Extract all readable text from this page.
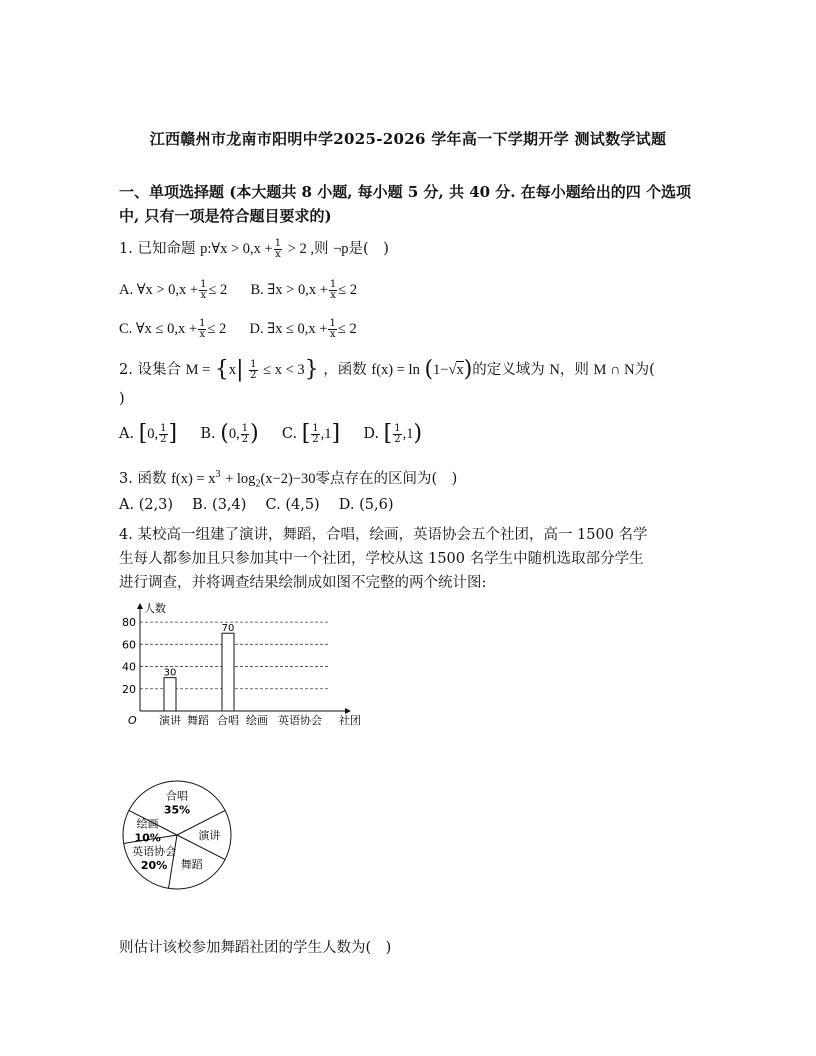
江西赣州市龙南市阳明中学2025-2026 学年高一下学期开学 测试数学试题
一、单项选择题 (本大题共 8 小题, 每小题 5 分, 共 40 分. 在每小题给出的四 个选项
中, 只有一项是符合题目要求的)
1. 已知命题 p:∀x > $0,x + \frac{1}{x} > 2$ ,则 ¬p是(　)
A. ∀x > $0,x + \frac{1}{x} \le 2$ B. ∃x > $0,x + \frac{1}{x} \le 2$
C. ∀x ≤ $0,x + \frac{1}{x} \le 2$ D. ∃x ≤ $0,x + \frac{1}{x} \le 2$
2. 设集合 $M = \{x| \frac{1}{2} \le x < 3\}$ ，函数 f(x) = ln (1−√x)的定义域为 N，则 M ∩ N为(
)
A. [0, $\frac{1}{2}$ ] B. (0, $\frac{1}{2}$ ) C. [ $\frac{1}{2} ,1$] D. [ $\frac{1}{2} ,1$)
3. 函数 $f(x) = x^3 + \log_2(x-2)-30$零点存在的区间为(　)
A. (2,3)　 B. (3,4)　 C. (4,5)　 D. (5,6)
4. 某校高一组建了演讲，舞蹈，合唱，绘画，英语协会五个社团，高一 1500 名学
生每人都参加且只参加其中一个社团，学校从这 1500 名学生中随机选取部分学生
进行调查，并将调查结果绘制成如图不完整的两个统计图:
人数
O	社团
20
40
60
80
30
演讲 舞蹈
70
合唱 绘画 英语协会
合唱
35%
演讲
舞蹈
英语协会
20%
绘画
10%
则估计该校参加舞蹈社团的学生人数为(　)
